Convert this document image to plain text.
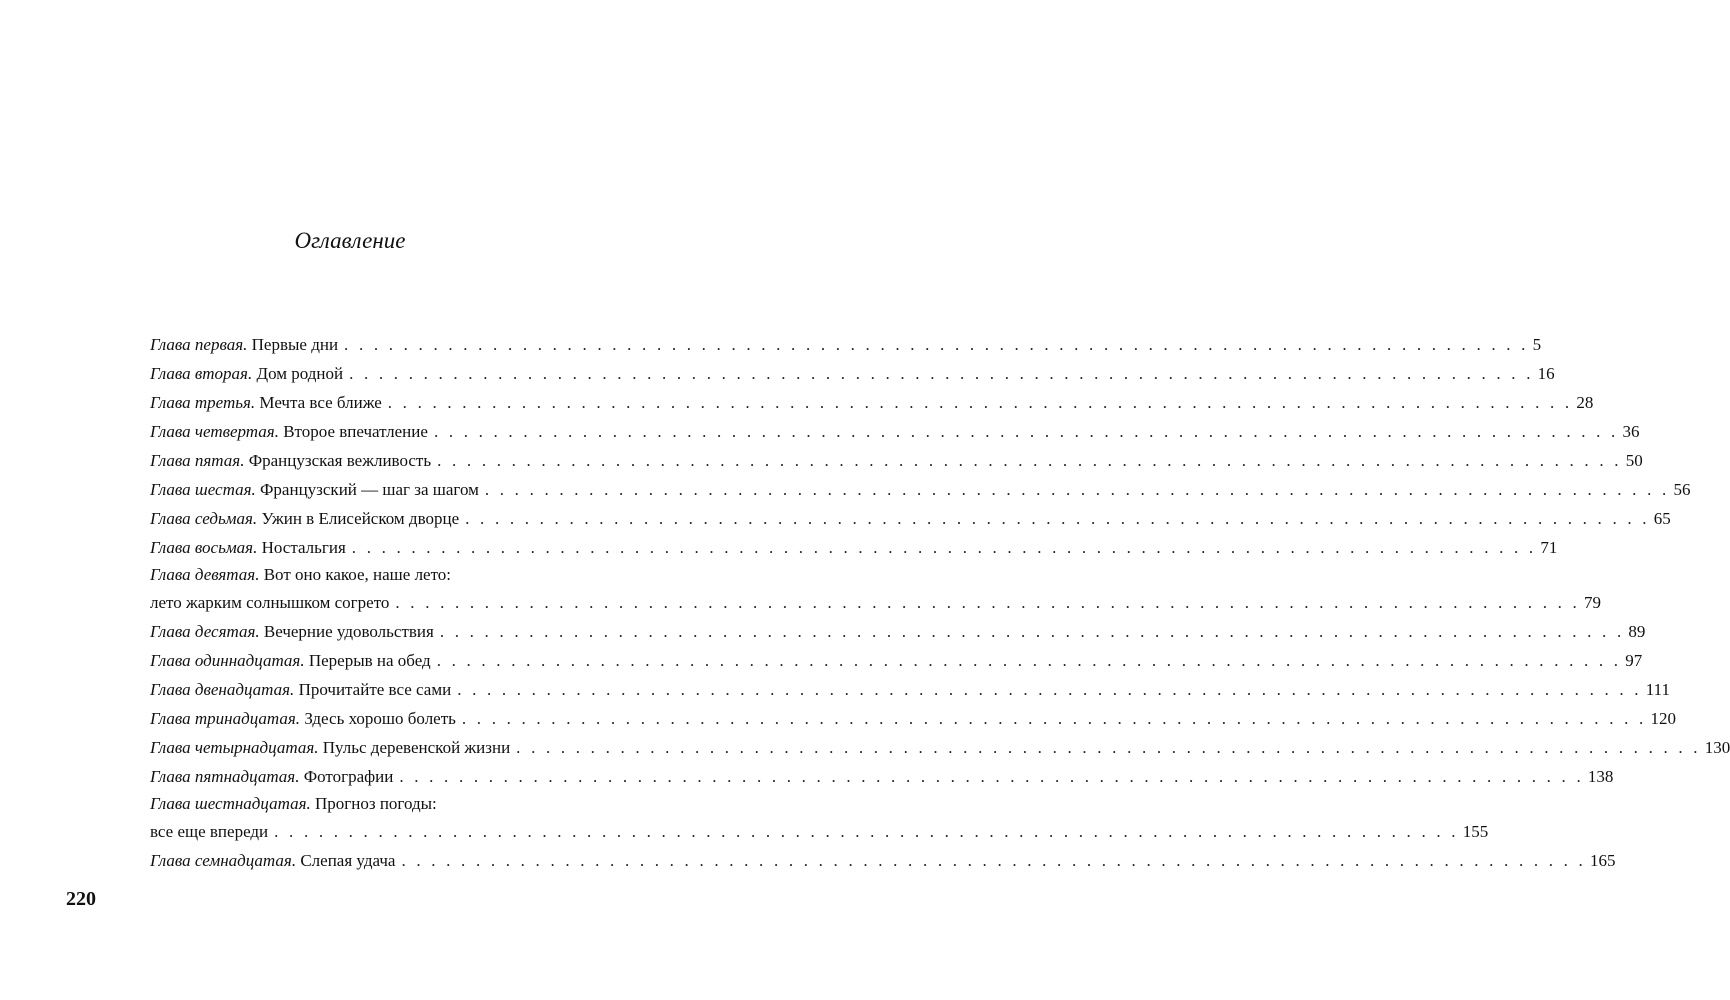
Оглавление
Глава первая. Первые дни . . . . . . . . . . . . . . . . . . . . . . . . . . . . . . . . . . . . . . . . . . . . . . . . . . . . . . . . . . . . . . . . . . . . . . . . . . . . . . . . 5
Глава вторая. Дом родной . . . . . . . . . . . . . . . . . . . . . . . . . . . . . . . . . . . . . . . . . . . . . . . . . . . . . . . . . . . . . . . . . . . . . . . . . . . . . . . . 16
Глава третья. Мечта все ближе . . . . . . . . . . . . . . . . . . . . . . . . . . . . . . . . . . . . . . . . . . . . . . . . . . . . . . . . . . . . . . . . . . . . . . . . . . . . . . . . 28
Глава четвертая. Второе впечатление . . . . . . . . . . . . . . . . . . . . . . . . . . . . . . . . . . . . . . . . . . . . . . . . . . . . . . . . . . . . . . . . . . . . . . . . . . . . . . . . 36
Глава пятая. Французская вежливость . . . . . . . . . . . . . . . . . . . . . . . . . . . . . . . . . . . . . . . . . . . . . . . . . . . . . . . . . . . . . . . . . . . . . . . . . . . . . . . . 50
Глава шестая. Французский — шаг за шагом . . . . . . . . . . . . . . . . . . . . . . . . . . . . . . . . . . . . . . . . . . . . . . . . . . . . . . . . . . . . . . . . . . . . . . . . . . . . . . . . 56
Глава седьмая. Ужин в Елисейском дворце . . . . . . . . . . . . . . . . . . . . . . . . . . . . . . . . . . . . . . . . . . . . . . . . . . . . . . . . . . . . . . . . . . . . . . . . . . . . . . . . 65
Глава восьмая. Ностальгия . . . . . . . . . . . . . . . . . . . . . . . . . . . . . . . . . . . . . . . . . . . . . . . . . . . . . . . . . . . . . . . . . . . . . . . . . . . . . . . . 71
Глава девятая. Вот оно какое, наше лето:
лето жарким солнышком согрето . . . . . . . . . . . . . . . . . . . . . . . . . . . . . . . . . . . . . . . . . . . . . . . . . . . . . . . . . . . . . . . . . . . . . . . . . . . . . . . . 79
Глава десятая. Вечерние удовольствия . . . . . . . . . . . . . . . . . . . . . . . . . . . . . . . . . . . . . . . . . . . . . . . . . . . . . . . . . . . . . . . . . . . . . . . . . . . . . . . . 89
Глава одиннадцатая. Перерыв на обед . . . . . . . . . . . . . . . . . . . . . . . . . . . . . . . . . . . . . . . . . . . . . . . . . . . . . . . . . . . . . . . . . . . . . . . . . . . . . . . . 97
Глава двенадцатая. Прочитайте все сами . . . . . . . . . . . . . . . . . . . . . . . . . . . . . . . . . . . . . . . . . . . . . . . . . . . . . . . . . . . . . . . . . . . . . . . . . . . . . . . . 111
Глава тринадцатая. Здесь хорошо болеть . . . . . . . . . . . . . . . . . . . . . . . . . . . . . . . . . . . . . . . . . . . . . . . . . . . . . . . . . . . . . . . . . . . . . . . . . . . . . . . . 120
Глава четырнадцатая. Пульс деревенской жизни . . . . . . . . . . . . . . . . . . . . . . . . . . . . . . . . . . . . . . . . . . . . . . . . . . . . . . . . . . . . . . . . . . . . . . . . . . . . . . . . 130
Глава пятнадцатая. Фотографии . . . . . . . . . . . . . . . . . . . . . . . . . . . . . . . . . . . . . . . . . . . . . . . . . . . . . . . . . . . . . . . . . . . . . . . . . . . . . . . . 138
Глава шестнадцатая. Прогноз погоды:
все еще впереди . . . . . . . . . . . . . . . . . . . . . . . . . . . . . . . . . . . . . . . . . . . . . . . . . . . . . . . . . . . . . . . . . . . . . . . . . . . . . . . . 155
Глава семнадцатая. Слепая удача . . . . . . . . . . . . . . . . . . . . . . . . . . . . . . . . . . . . . . . . . . . . . . . . . . . . . . . . . . . . . . . . . . . . . . . . . . . . . . . . 165
220
